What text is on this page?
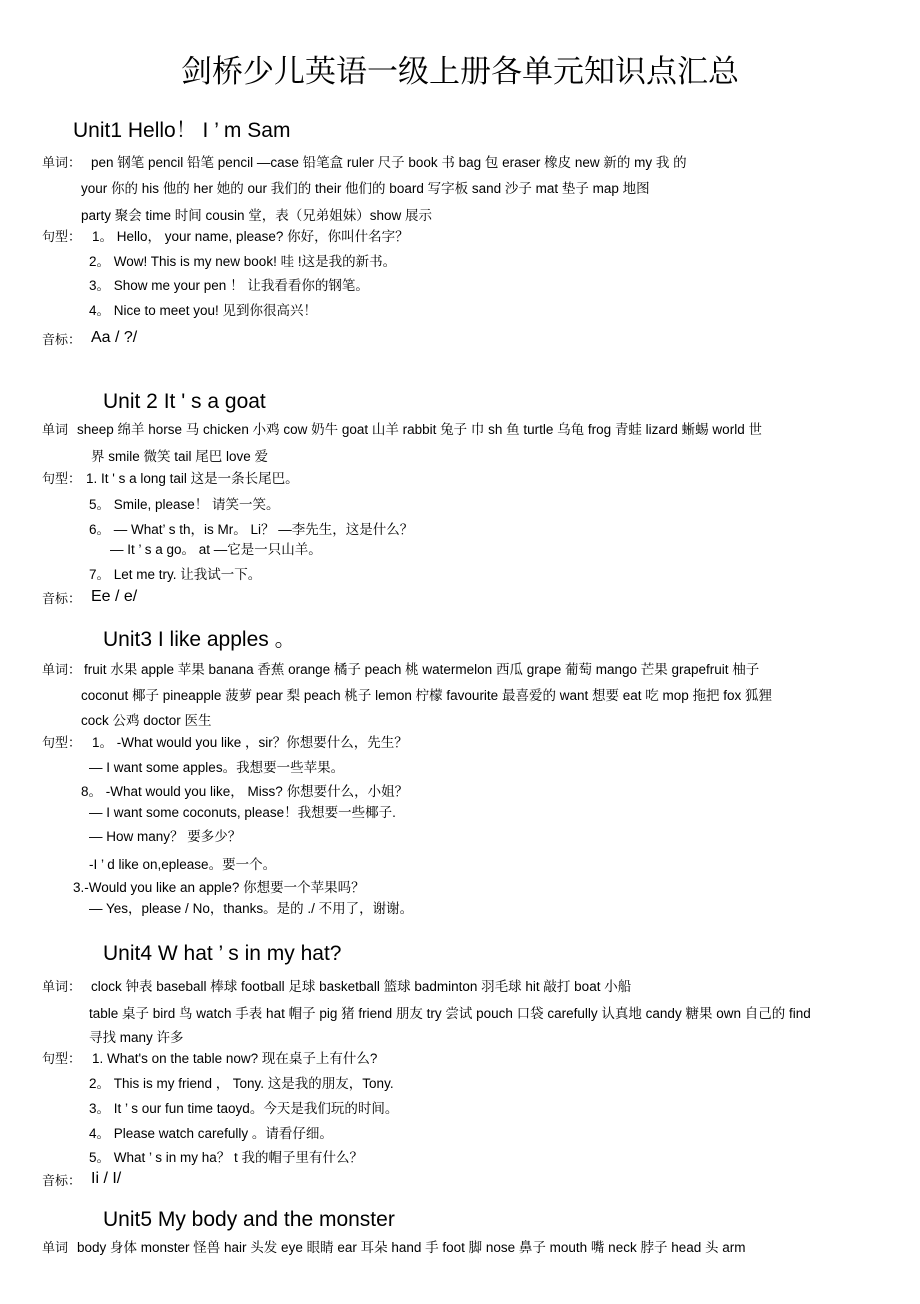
剑桥少儿英语一级上册各单元知识点汇总
Unit1 Hello！ I ’ m Sam
单词： pen 钢笔 pencil 铅笔 pencil —case 铅笔盒 ruler 尺子 book 书 bag 包 eraser 橡皮 new 新的 my 我 的
your 你的 his 他的 her 她的 our 我们的 their 他们的 board 写字板 sand 沙子 mat 垫子 map 地图
party 聚会 time 时间 cousin 堂，表（兄弟姐妹）show 展示
句型： 1。 Hello， your name, please? 你好，你叫什名字？
2。 Wow! This is my new book! 哇 !这是我的新书。
3。 Show me your pen ！ 让我看看你的钢笔。
4。 Nice to meet you! 见到你很高兴！
音标： Aa / ?/
Unit 2 It ' s a goat
单词 sheep 绵羊 horse 马 chicken 小鸡 cow 奶牛 goat 山羊 rabbit 兔子 巾 sh 鱼 turtle 乌龟 frog 青蛙 lizard 蜥蜴 world 世
界 smile 微笑 tail 尾巴 love 爱
句型： 1. It ' s a long tail 这是一条长尾巴。
5。 Smile, please！ 请笑一笑。
6。 — What’ s th，is Mr。 Li？ —李先生，这是什么？
— It ’ s a go。 at —它是一只山羊。
7。 Let me try. 让我试一下。
音标： Ee / e/
Unit3 I like apples 。
单词： fruit 水果 apple 苹果 banana 香蕉 orange 橘子 peach 桃 watermelon 西瓜 grape 葡萄 mango 芒果 grapefruit 柚子
coconut 椰子 pineapple 菠萝 pear 梨 peach 桃子 lemon 柠檬 favourite 最喜爱的 want 想要 eat 吃 mop 拖把 fox 狐狸
cock 公鸡 doctor 医生
句型： 1。 -What would you like ，sir？你想要什么，先生？
— I want some apples。我想要一些苹果。
8。 -What would you like， Miss? 你想要什么，小姐？
— I want some coconuts, please！我想要一些椰子.
— How many？ 要多少？
-I ’ d like on,eplease。要一个。
3.-Would you like an apple? 你想要一个苹果吗？
— Yes，please / No，thanks。是的 ./ 不用了，谢谢。
Unit4 W hat ’ s in my hat?
单词： clock 钟表 baseball 棒球 football 足球 basketball 篮球 badminton 羽毛球 hit 敲打 boat 小船
table 桌子 bird 鸟 watch 手表 hat 帽子 pig 猪 friend 朋友 try 尝试 pouch 口袋 carefully 认真地 candy 糖果 own 自己的 find
寻找 many 许多
句型： 1. What's on the table now? 现在桌子上有什么?
2。 This is my friend ， Tony. 这是我的朋友，Tony.
3。 It ’ s our fun time taoyd。今天是我们玩的时间。
4。 Please watch carefully 。请看仔细。
5。 What ’ s in my ha？ t 我的帽子里有什么？
音标： Ii / I/
Unit5 My body and the monster
单词 body 身体 monster 怪兽 hair 头发 eye 眼睛 ear 耳朵 hand 手 foot 脚 nose 鼻子 mouth 嘴 neck 脖子 head 头 arm
